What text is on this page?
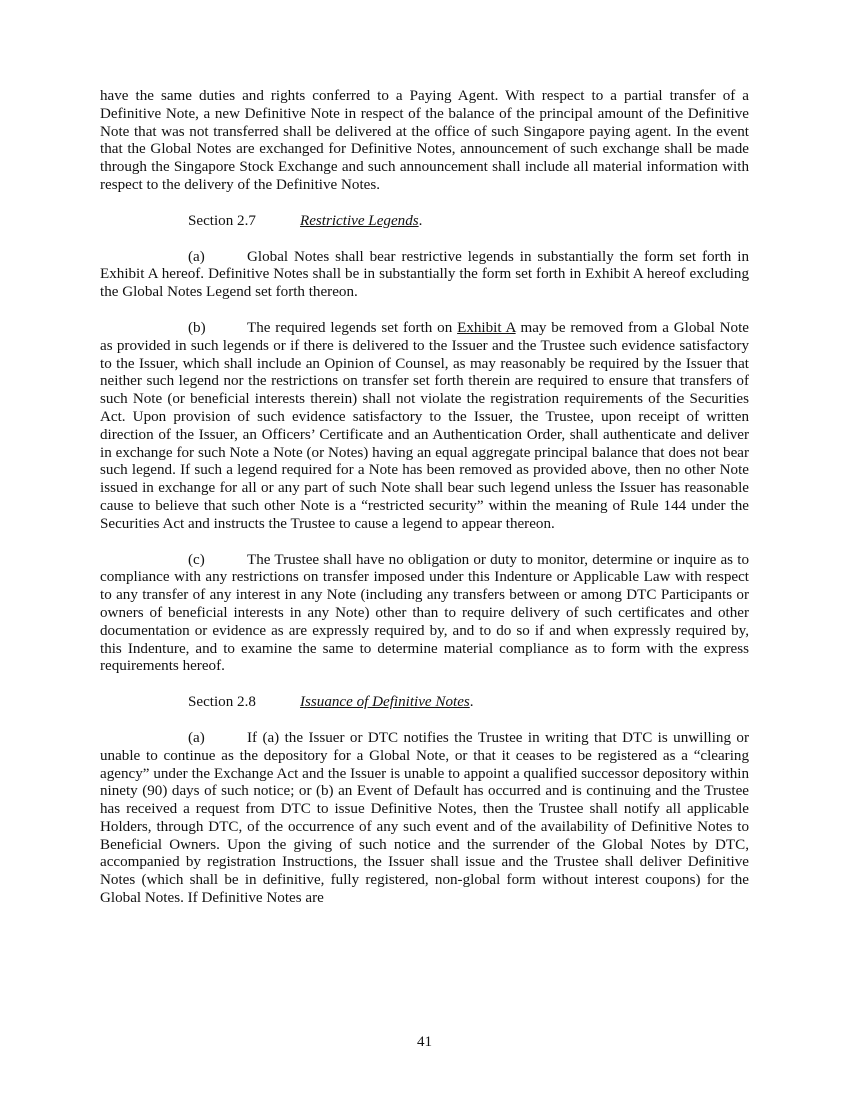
have the same duties and rights conferred to a Paying Agent. With respect to a partial transfer of a Definitive Note, a new Definitive Note in respect of the balance of the principal amount of the Definitive Note that was not transferred shall be delivered at the office of such Singapore paying agent. In the event that the Global Notes are exchanged for Definitive Notes, announcement of such exchange shall be made through the Singapore Stock Exchange and such announcement shall include all material information with respect to the delivery of the Definitive Notes.

Section 2.7	Restrictive Legends.

(a)	Global Notes shall bear restrictive legends in substantially the form set forth in Exhibit A hereof. Definitive Notes shall be in substantially the form set forth in Exhibit A hereof excluding the Global Notes Legend set forth thereon.

(b)	The required legends set forth on Exhibit A may be removed from a Global Note as provided in such legends or if there is delivered to the Issuer and the Trustee such evidence satisfactory to the Issuer, which shall include an Opinion of Counsel, as may reasonably be required by the Issuer that neither such legend nor the restrictions on transfer set forth therein are required to ensure that transfers of such Note (or beneficial interests therein) shall not violate the registration requirements of the Securities Act. Upon provision of such evidence satisfactory to the Issuer, the Trustee, upon receipt of written direction of the Issuer, an Officers’ Certificate and an Authentication Order, shall authenticate and deliver in exchange for such Note a Note (or Notes) having an equal aggregate principal balance that does not bear such legend. If such a legend required for a Note has been removed as provided above, then no other Note issued in exchange for all or any part of such Note shall bear such legend unless the Issuer has reasonable cause to believe that such other Note is a “restricted security” within the meaning of Rule 144 under the Securities Act and instructs the Trustee to cause a legend to appear thereon.

(c)	The Trustee shall have no obligation or duty to monitor, determine or inquire as to compliance with any restrictions on transfer imposed under this Indenture or Applicable Law with respect to any transfer of any interest in any Note (including any transfers between or among DTC Participants or owners of beneficial interests in any Note) other than to require delivery of such certificates and other documentation or evidence as are expressly required by, and to do so if and when expressly required by, this Indenture, and to examine the same to determine material compliance as to form with the express requirements hereof.

Section 2.8	Issuance of Definitive Notes.

(a)	If (a) the Issuer or DTC notifies the Trustee in writing that DTC is unwilling or unable to continue as the depository for a Global Note, or that it ceases to be registered as a “clearing agency” under the Exchange Act and the Issuer is unable to appoint a qualified successor depository within ninety (90) days of such notice; or (b) an Event of Default has occurred and is continuing and the Trustee has received a request from DTC to issue Definitive Notes, then the Trustee shall notify all applicable Holders, through DTC, of the occurrence of any such event and of the availability of Definitive Notes to Beneficial Owners. Upon the giving of such notice and the surrender of the Global Notes by DTC, accompanied by registration Instructions, the Issuer shall issue and the Trustee shall deliver Definitive Notes (which shall be in definitive, fully registered, non-global form without interest coupons) for the Global Notes. If Definitive Notes are

41
